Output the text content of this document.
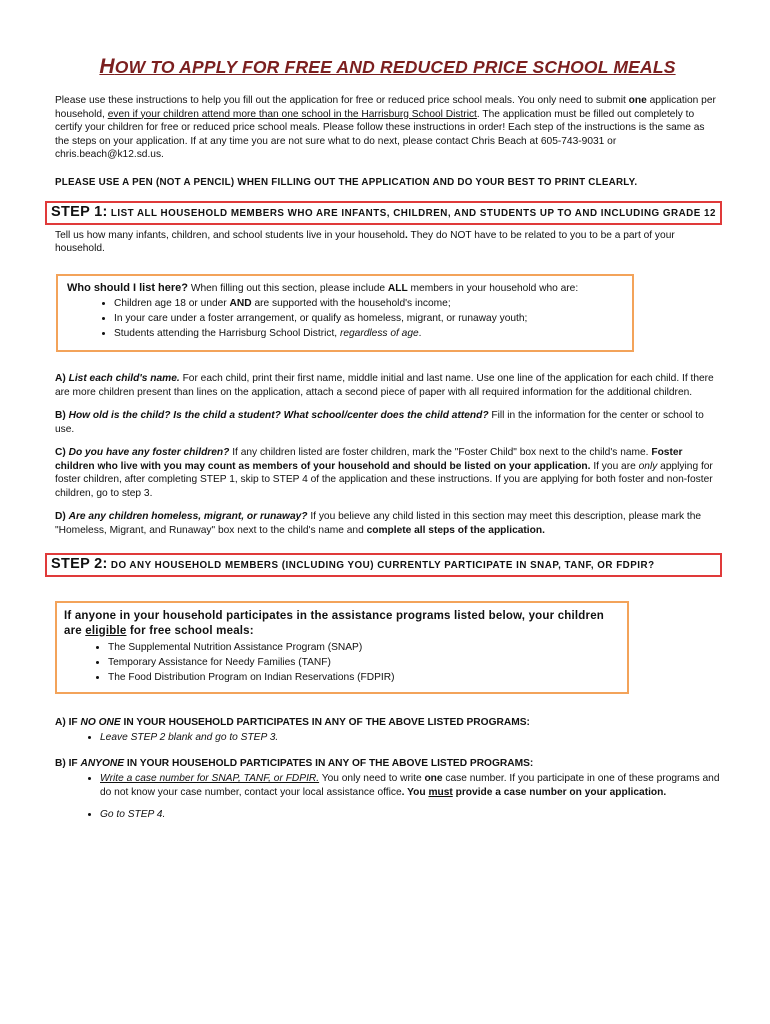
HOW TO APPLY FOR FREE AND REDUCED PRICE SCHOOL MEALS

Please use these instructions to help you fill out the application for free or reduced price school meals. You only need to submit one application per household, even if your children attend more than one school in the Harrisburg School District. The application must be filled out completely to certify your children for free or reduced price school meals. Please follow these instructions in order! Each step of the instructions is the same as the steps on your application. If at any time you are not sure what to do next, please contact Chris Beach at 605-743-9031 or chris.beach@k12.sd.us.

PLEASE USE A PEN (NOT A PENCIL) WHEN FILLING OUT THE APPLICATION AND DO YOUR BEST TO PRINT CLEARLY.

STEP 1: LIST ALL HOUSEHOLD MEMBERS WHO ARE INFANTS, CHILDREN, AND STUDENTS UP TO AND INCLUDING GRADE 12

Tell us how many infants, children, and school students live in your household. They do NOT have to be related to you to be a part of your household.

Who should I list here? When filling out this section, please include ALL members in your household who are:
• Children age 18 or under AND are supported with the household's income;
• In your care under a foster arrangement, or qualify as homeless, migrant, or runaway youth;
• Students attending the Harrisburg School District, regardless of age.

A) List each child's name. For each child, print their first name, middle initial and last name. Use one line of the application for each child. If there are more children present than lines on the application, attach a second piece of paper with all required information for the additional children.

B) How old is the child? Is the child a student? What school/center does the child attend? Fill in the information for the center or school to use.

C) Do you have any foster children? If any children listed are foster children, mark the "Foster Child" box next to the child's name. Foster children who live with you may count as members of your household and should be listed on your application. If you are only applying for foster children, after completing STEP 1, skip to STEP 4 of the application and these instructions. If you are applying for both foster and non-foster children, go to step 3.

D) Are any children homeless, migrant, or runaway? If you believe any child listed in this section may meet this description, please mark the "Homeless, Migrant, and Runaway" box next to the child's name and complete all steps of the application.

STEP 2: DO ANY HOUSEHOLD MEMBERS (INCLUDING YOU) CURRENTLY PARTICIPATE IN SNAP, TANF, OR FDPIR?
If anyone in your household participates in the assistance programs listed below, your children are eligible for free school meals:
• The Supplemental Nutrition Assistance Program (SNAP)
• Temporary Assistance for Needy Families (TANF)
• The Food Distribution Program on Indian Reservations (FDPIR)
A) IF NO ONE IN YOUR HOUSEHOLD PARTICIPATES IN ANY OF THE ABOVE LISTED PROGRAMS:
• Leave STEP 2 blank and go to STEP 3.
B) IF ANYONE IN YOUR HOUSEHOLD PARTICIPATES IN ANY OF THE ABOVE LISTED PROGRAMS:
• Write a case number for SNAP, TANF, or FDPIR. You only need to write one case number. If you participate in one of these programs and do not know your case number, contact your local assistance office. You must provide a case number on your application.
• Go to STEP 4.
